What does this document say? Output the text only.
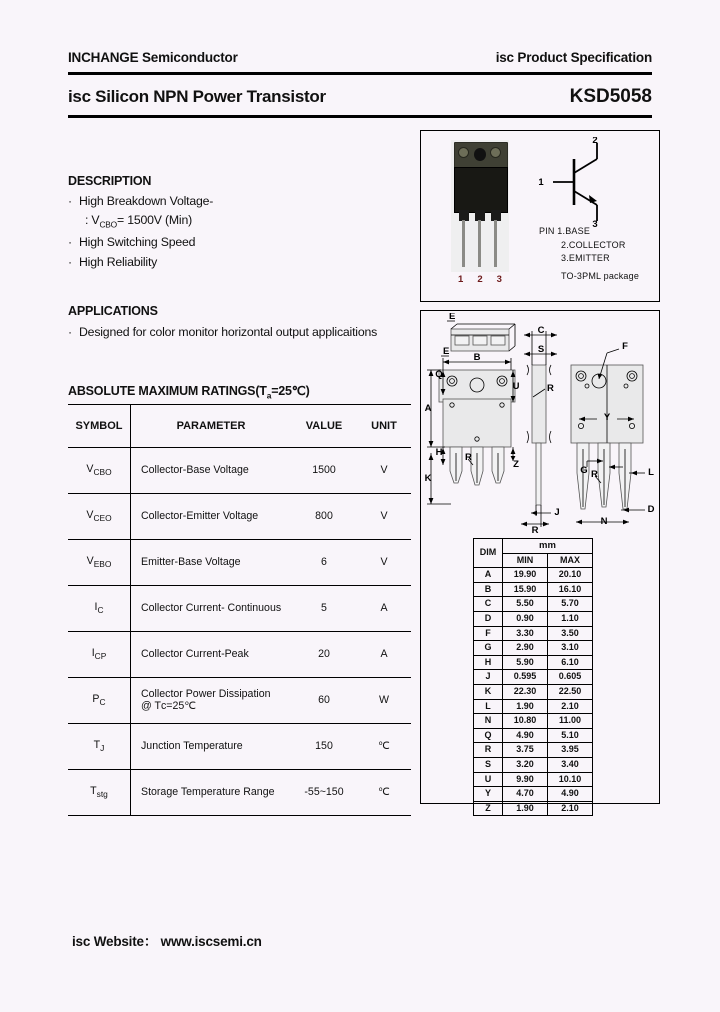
INCHANGE Semiconductor	isc Product Specification
isc Silicon NPN Power Transistor	KSD5058
DESCRIPTION
· High Breakdown Voltage-
: $V_{CBO}= 1500V$ (Min)
· High Switching Speed
· High Reliability
APPLICATIONS
· Designed for color monitor horizontal output applicaitions
ABSOLUTE MAXIMUM $RATINGS(T_a=25℃)$
SYMBOL	PARAMETER	VALUE	UNIT
$V_{CBO}$	Collector-Base Voltage	1500	V
$V_{CEO}$	Collector-Emitter Voltage	800	V
$V_{EBO}$	Emitter-Base Voltage	6	V
$I_C$	Collector Current- Continuous	5	A
$I_{CP}$	Collector Current-Peak	20	A
$P_C$	Collector Power Dissipation
@ Tᴄ=25℃	60	W
$T_J$	Junction Temperature	150	℃
$T_{stg}$	Storage Temperature Range	-55~150	℃
1 2 3
2
1
3
PIN 1.BASE
2.COLLECTOR
3.EMITTER
TO-3PML package
E
R
B
E
A
Q
U
H
K
Z
R
C
S
J
R
R
F
Y
G	L
D
N
DIM	mm	
	MIN	MAX
A	19.90	20.10
B	15.90	16.10
C	5.50	5.70
D	0.90	1.10
F	3.30	3.50
G	2.90	3.10
H	5.90	6.10
J	0.595	0.605
K	22.30	22.50
L	1.90	2.10
N	10.80	11.00
Q	4.90	5.10
R	3.75	3.95
S	3.20	3.40
U	9.90	10.10
Y	4.70	4.90
Z	1.90	2.10
isc Website： www.iscsemi.cn
